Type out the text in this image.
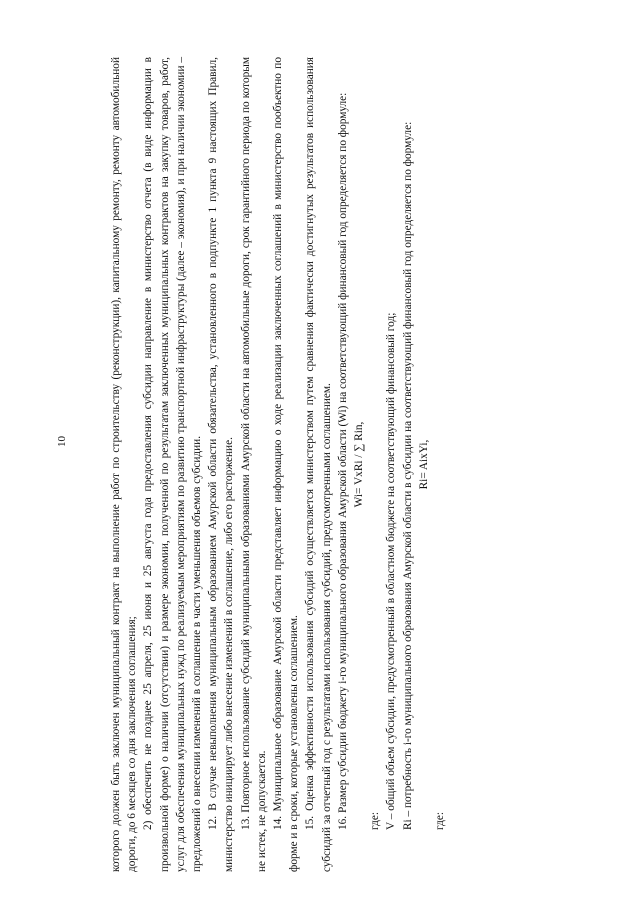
10	которого должен быть заключен муниципальный контракт на выполнение работ по строительству (реконструкции), капитальному ремонту, ремонту автомобильной дороги, до 6 месяцев со дня заключения соглашения; 2) обеспечить не позднее 25 апреля, 25 июня и 25 августа года предоставления субсидии направление в министерство отчета (в виде информации в произвольной форме) о наличии (отсутствии) и размере экономии, полученной по результатам заключенных муниципальных контрактов на закупку товаров, работ, услуг для обеспечения муниципальных нужд по реализуемым мероприятиям по развитию транспортной инфраструктуры (далее – экономия), и при наличии экономии – предложений о внесении изменений в соглашение в части уменьшения объемов субсидии. 12. В случае невыполнения муниципальным образованием Амурской области обязательства, установленного в подпункте 1 пункта 9 настоящих Правил, министерство инициирует либо внесение изменений в соглашение, либо его расторжение. 13. Повторное использование субсидий муниципальными образованиями Амурской области на автомобильные дороги, срок гарантийного периода по которым не истек, не допускается. 14. Муниципальное образование Амурской области представляет информацию о ходе реализации заключенных соглашений в министерство пообъектно по форме и в сроки, которые установлены соглашением. 15. Оценка эффективности использования субсидий осуществляется министерством путем сравнения фактически достигнутых результатов использования субсидий за отчетный год с результатами использования субсидий, предусмотренными соглашением. 16. Размер субсидии бюджету i-го муниципального образования Амурской области (Wi) на соответствующий финансовый год определяется по формуле: Wi= VxRi / ∑ Rin,

где: V – общий объем субсидии, предусмотренный в областном бюджете на соответствующий финансовый год; Ri – потребность i-го муниципального образования Амурской области в субсидии на соответствующий финансовый год определяется по формуле: Ri= AixYi,

где:
